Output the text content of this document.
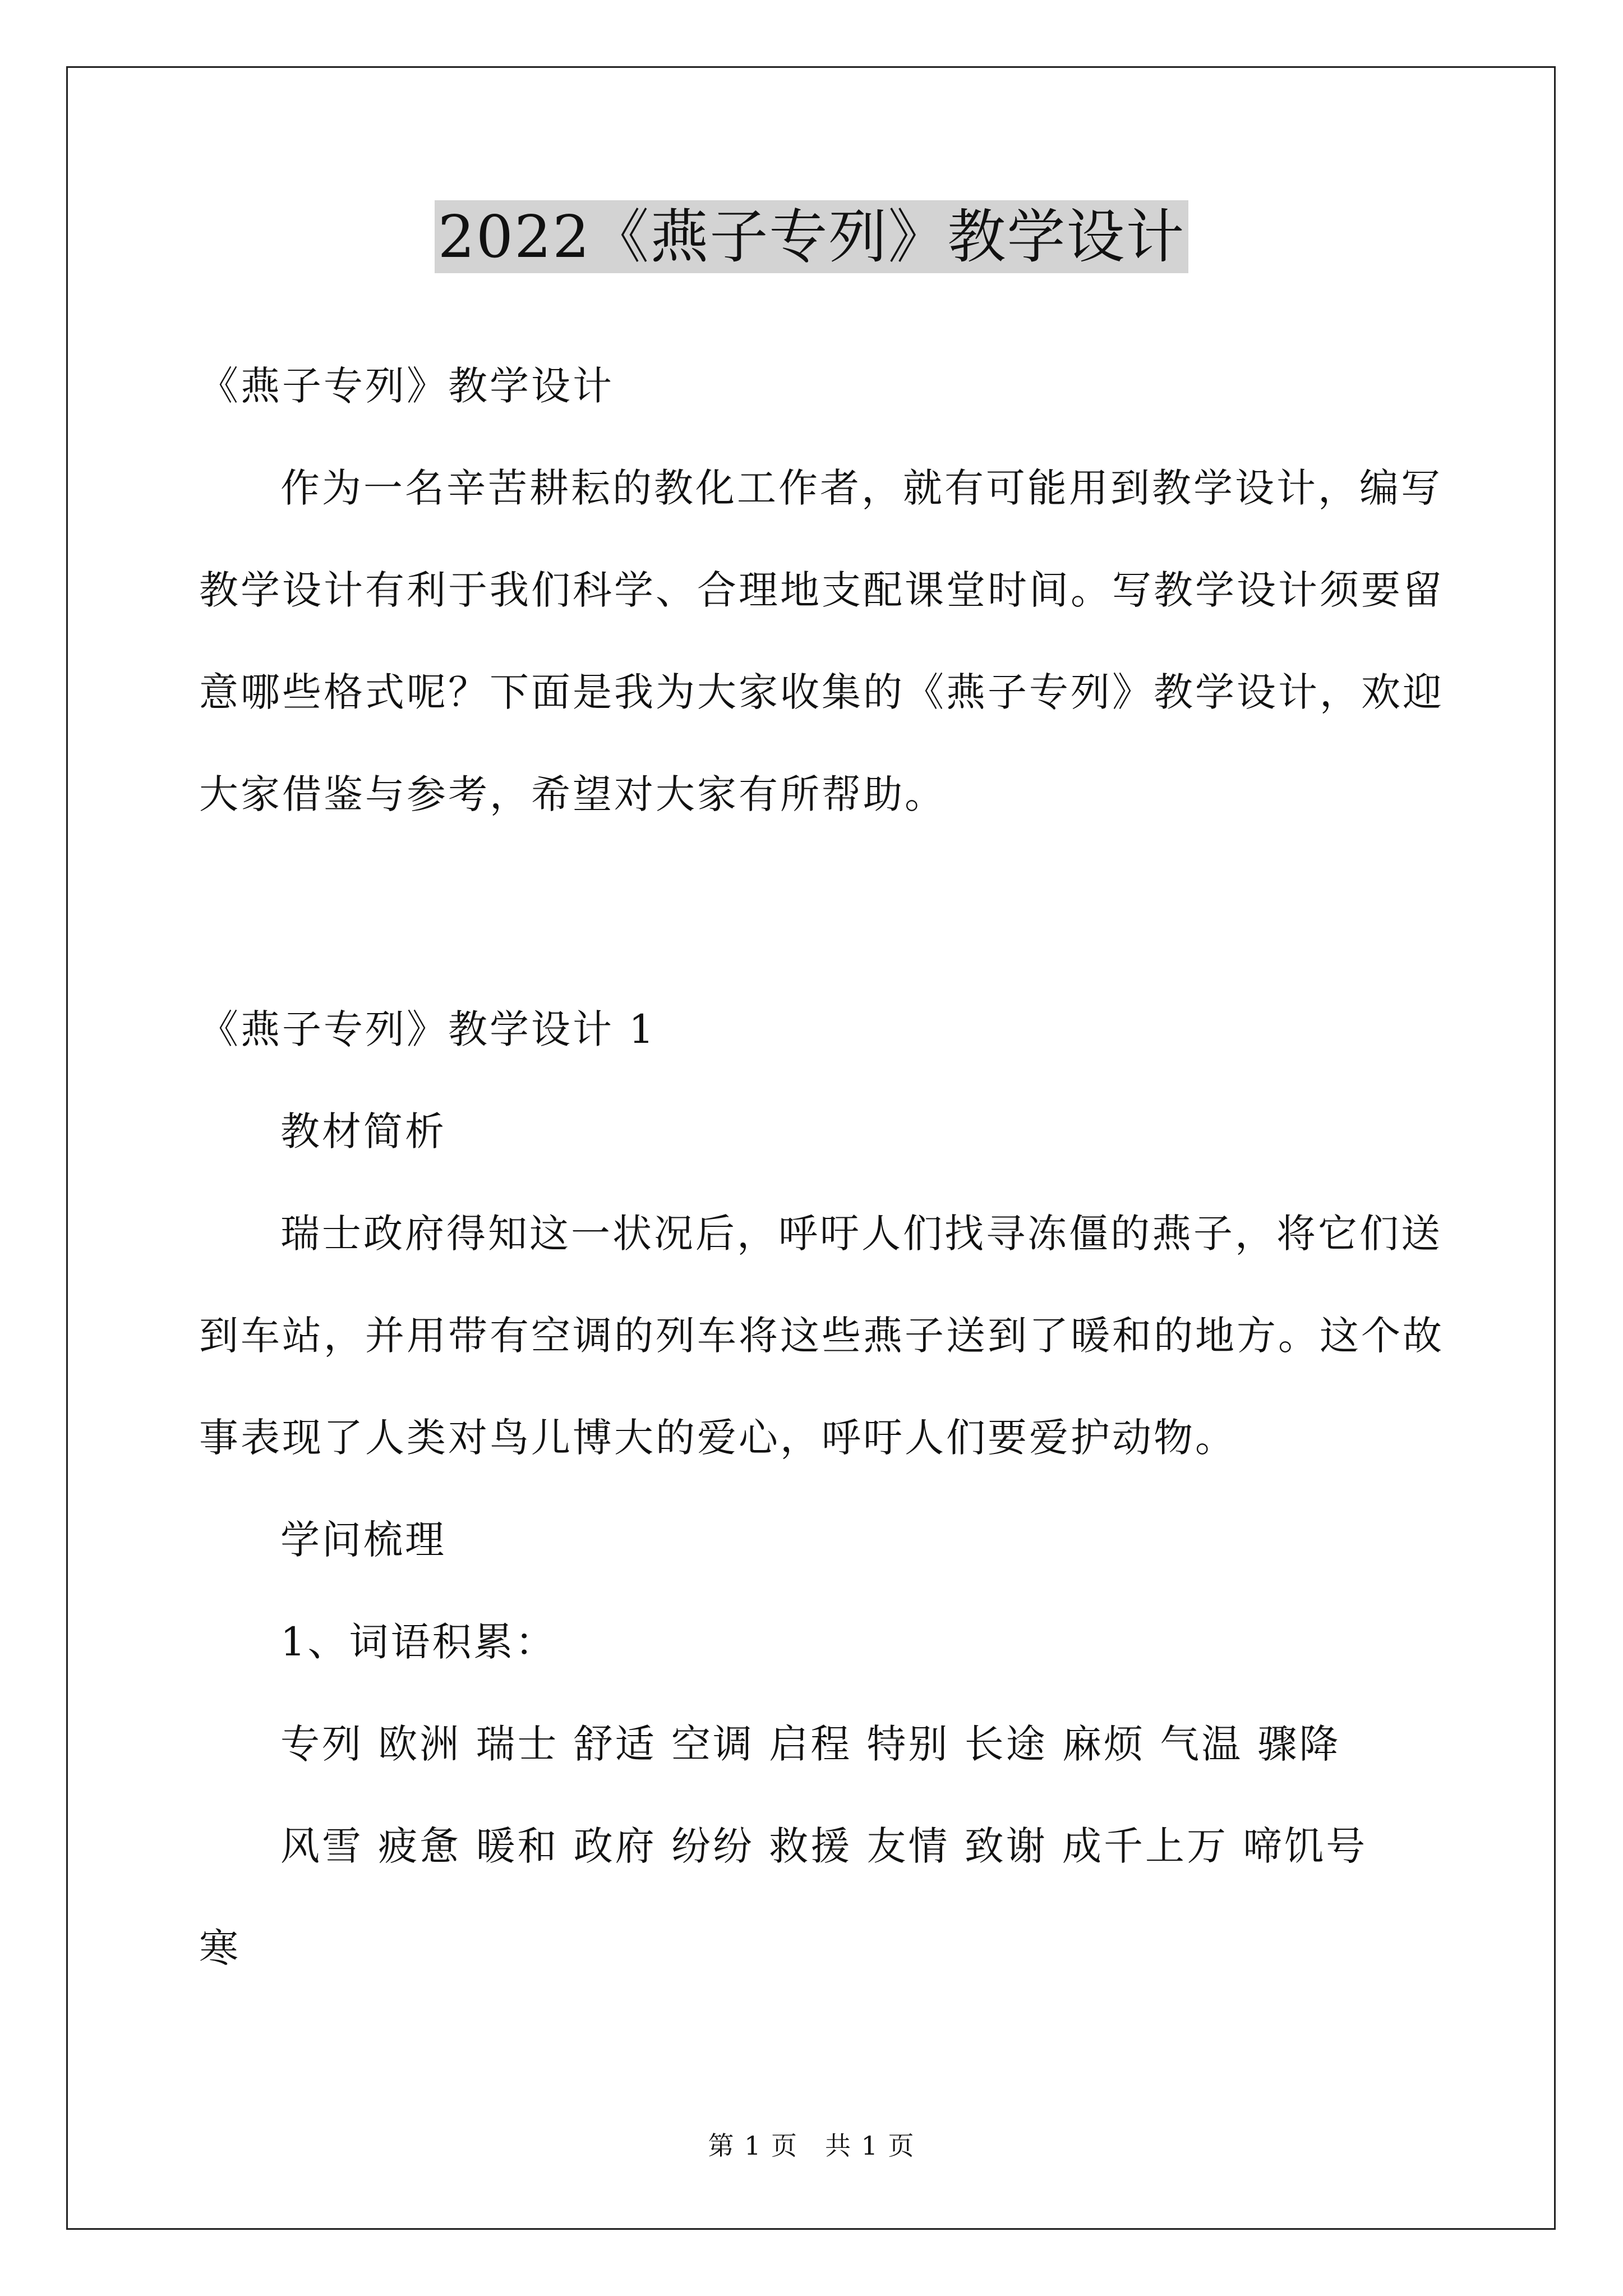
2022《燕子专列》教学设计
《燕子专列》教学设计
作为一名辛苦耕耘的教化工作者，就有可能用到教学设计，编写
教学设计有利于我们科学、合理地支配课堂时间。写教学设计须要留
意哪些格式呢？下面是我为大家收集的《燕子专列》教学设计，欢迎
大家借鉴与参考，希望对大家有所帮助。
《燕子专列》教学设计 1
教材简析
瑞士政府得知这一状况后，呼吁人们找寻冻僵的燕子，将它们送
到车站，并用带有空调的列车将这些燕子送到了暖和的地方。这个故
事表现了人类对鸟儿博大的爱心，呼吁人们要爱护动物。
学问梳理
1、词语积累：
专列 欧洲 瑞士 舒适 空调 启程 特别 长途 麻烦 气温 骤降
风雪 疲惫 暖和 政府 纷纷 救援 友情 致谢 成千上万 啼饥号
寒
第 1 页　共 1 页
